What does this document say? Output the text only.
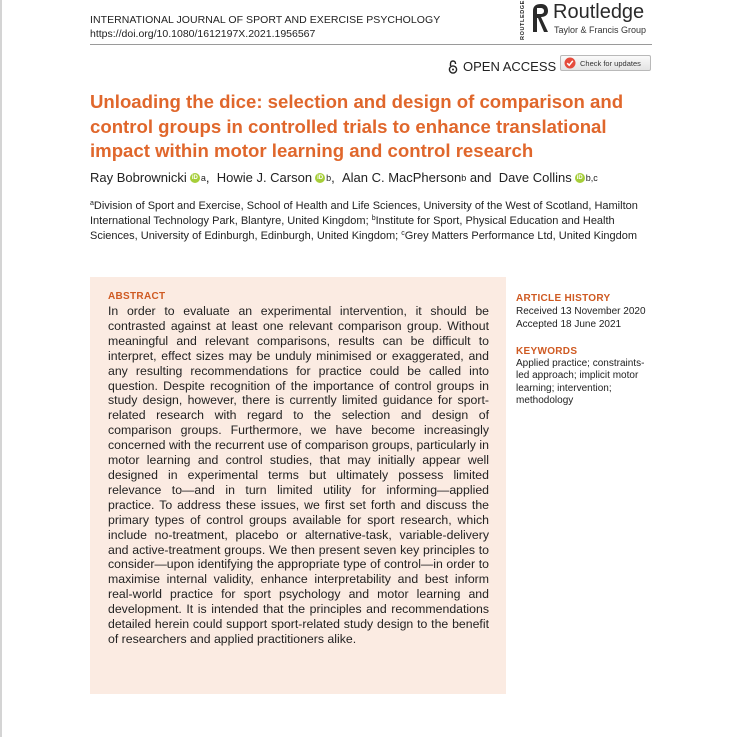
INTERNATIONAL JOURNAL OF SPORT AND EXERCISE PSYCHOLOGY
https://doi.org/10.1080/1612197X.2021.1956567	ROUTLEDGE Routledge
Taylor & Francis Group
OPEN ACCESS	Check for updates
Unloading the dice: selection and design of comparison and control groups in controlled trials to enhance translational impact within motor learning and control research
Ray Bobrownicki iD a ,
Howie J. Carson iD b ,
Alan C. MacPherson b and
Dave Collins iD b,c

$^a$Division of Sport and Exercise, School of Health and Life Sciences, University of the West of Scotland, Hamilton International Technology Park, Blantyre, United Kingdom; $^b$Institute for Sport, Physical Education and Health Sciences, University of Edinburgh, Edinburgh, United Kingdom; $^c$Grey Matters Performance Ltd, United Kingdom

ABSTRACT

In order to evaluate an experimental intervention, it should be contrasted against at least one relevant comparison group. Without meaningful and relevant comparisons, results can be difficult to interpret, effect sizes may be unduly minimised or exaggerated, and any resulting recommendations for practice could be called into question. Despite recognition of the importance of control groups in study design, however, there is currently limited guidance for sport-related research with regard to the selection and design of comparison groups. Furthermore, we have become increasingly concerned with the recurrent use of comparison groups, particularly in motor learning and control studies, that may initially appear well designed in experimental terms but ultimately possess limited relevance to—and in turn limited utility for informing—applied practice. To address these issues, we first set forth and discuss the primary types of control groups available for sport research, which include no-treatment, placebo or alternative-task, variable-delivery and active-treatment groups. We then present seven key principles to consider—upon identifying the appropriate type of control—in order to maximise internal validity, enhance interpretability and best inform real-world practice for sport psychology and motor learning and development. It is intended that the principles and recommendations detailed herein could support sport-related study design to the benefit of researchers and applied practitioners alike.

ARTICLE HISTORY
Received 13 November 2020
Accepted 18 June 2021
KEYWORDS
Applied practice; constraints-led approach; implicit motor learning; intervention; methodology
